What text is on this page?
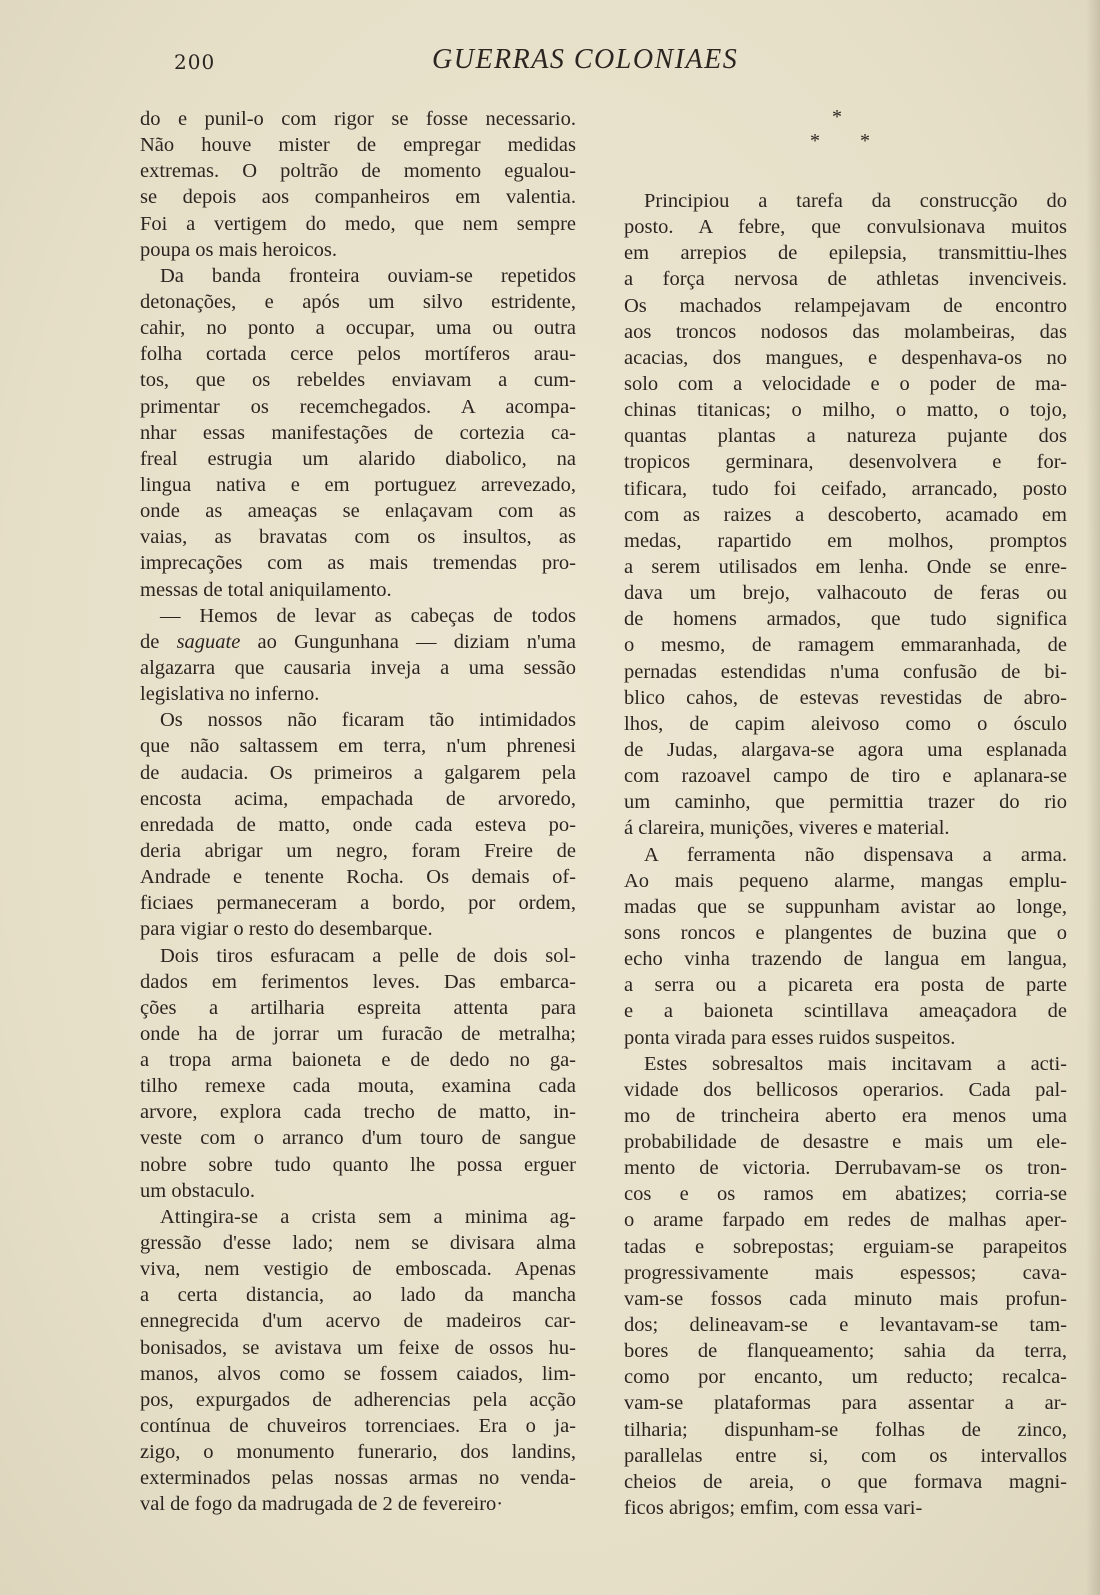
200	GUERRAS COLONIAES
do e punil-o com rigor se fosse necessario.
Não houve mister de empregar medidas
extremas. O poltrão de momento egualou-
se depois aos companheiros em valentia.
Foi a vertigem do medo, que nem sempre
poupa os mais heroicos.
Da banda fronteira ouviam-se repetidos
detonações, e após um silvo estridente,
cahir, no ponto a occupar, uma ou outra
folha cortada cerce pelos mortíferos arau-
tos, que os rebeldes enviavam a cum-
primentar os recemchegados. A acompa-
nhar essas manifestações de cortezia ca-
freal estrugia um alarido diabolico, na
lingua nativa e em portuguez arrevezado,
onde as ameaças se enlaçavam com as
vaias, as bravatas com os insultos, as
imprecações com as mais tremendas pro-
messas de total aniquilamento.
— Hemos de levar as cabeças de todos
de saguate ao Gungunhana — diziam n'uma
algazarra que causaria inveja a uma sessão
legislativa no inferno.
Os nossos não ficaram tão intimidados
que não saltassem em terra, n'um phrenesi
de audacia. Os primeiros a galgarem pela
encosta acima, empachada de arvoredo,
enredada de matto, onde cada esteva po-
deria abrigar um negro, foram Freire de
Andrade e tenente Rocha. Os demais of-
ficiaes permaneceram a bordo, por ordem,
para vigiar o resto do desembarque.
Dois tiros esfuracam a pelle de dois sol-
dados em ferimentos leves. Das embarca-
ções a artilharia espreita attenta para
onde ha de jorrar um furacão de metralha;
a tropa arma baioneta e de dedo no ga-
tilho remexe cada mouta, examina cada
arvore, explora cada trecho de matto, in-
veste com o arranco d'um touro de sangue
nobre sobre tudo quanto lhe possa erguer
um obstaculo.
Attingira-se a crista sem a minima ag-
gressão d'esse lado; nem se divisara alma
viva, nem vestigio de emboscada. Apenas
a certa distancia, ao lado da mancha
ennegrecida d'um acervo de madeiros car-
bonisados, se avistava um feixe de ossos hu-
manos, alvos como se fossem caiados, lim-
pos, expurgados de adherencias pela acção
contínua de chuveiros torrenciaes. Era o ja-
zigo, o monumento funerario, dos landins,
exterminados pelas nossas armas no venda-
val de fogo da madrugada de 2 de fevereiro·
*
* *
Principiou a tarefa da construcção do
posto. A febre, que convulsionava muitos
em arrepios de epilepsia, transmittiu-lhes
a força nervosa de athletas invenciveis.
Os machados relampejavam de encontro
aos troncos nodosos das molambeiras, das
acacias, dos mangues, e despenhava-os no
solo com a velocidade e o poder de ma-
chinas titanicas; o milho, o matto, o tojo,
quantas plantas a natureza pujante dos
tropicos germinara, desenvolvera e for-
tificara, tudo foi ceifado, arrancado, posto
com as raizes a descoberto, acamado em
medas, rapartido em molhos, promptos
a serem utilisados em lenha. Onde se enre-
dava um brejo, valhacouto de feras ou
de homens armados, que tudo significa
o mesmo, de ramagem emmaranhada, de
pernadas estendidas n'uma confusão de bi-
blico cahos, de estevas revestidas de abro-
lhos, de capim aleivoso como o ósculo
de Judas, alargava-se agora uma esplanada
com razoavel campo de tiro e aplanara-se
um caminho, que permittia trazer do rio
á clareira, munições, viveres e material.
A ferramenta não dispensava a arma.
Ao mais pequeno alarme, mangas emplu-
madas que se suppunham avistar ao longe,
sons roncos e plangentes de buzina que o
echo vinha trazendo de langua em langua,
a serra ou a picareta era posta de parte
e a baioneta scintillava ameaçadora de
ponta virada para esses ruidos suspeitos.
Estes sobresaltos mais incitavam a acti-
vidade dos bellicosos operarios. Cada pal-
mo de trincheira aberto era menos uma
probabilidade de desastre e mais um ele-
mento de victoria. Derrubavam-se os tron-
cos e os ramos em abatizes; corria-se
o arame farpado em redes de malhas aper-
tadas e sobrepostas; erguiam-se parapeitos
progressivamente mais espessos; cava-
vam-se fossos cada minuto mais profun-
dos; delineavam-se e levantavam-se tam-
bores de flanqueamento; sahia da terra,
como por encanto, um reducto; recalca-
vam-se plataformas para assentar a ar-
tilharia; dispunham-se folhas de zinco,
parallelas entre si, com os intervallos
cheios de areia, o que formava magni-
ficos abrigos; emfim, com essa vari-
